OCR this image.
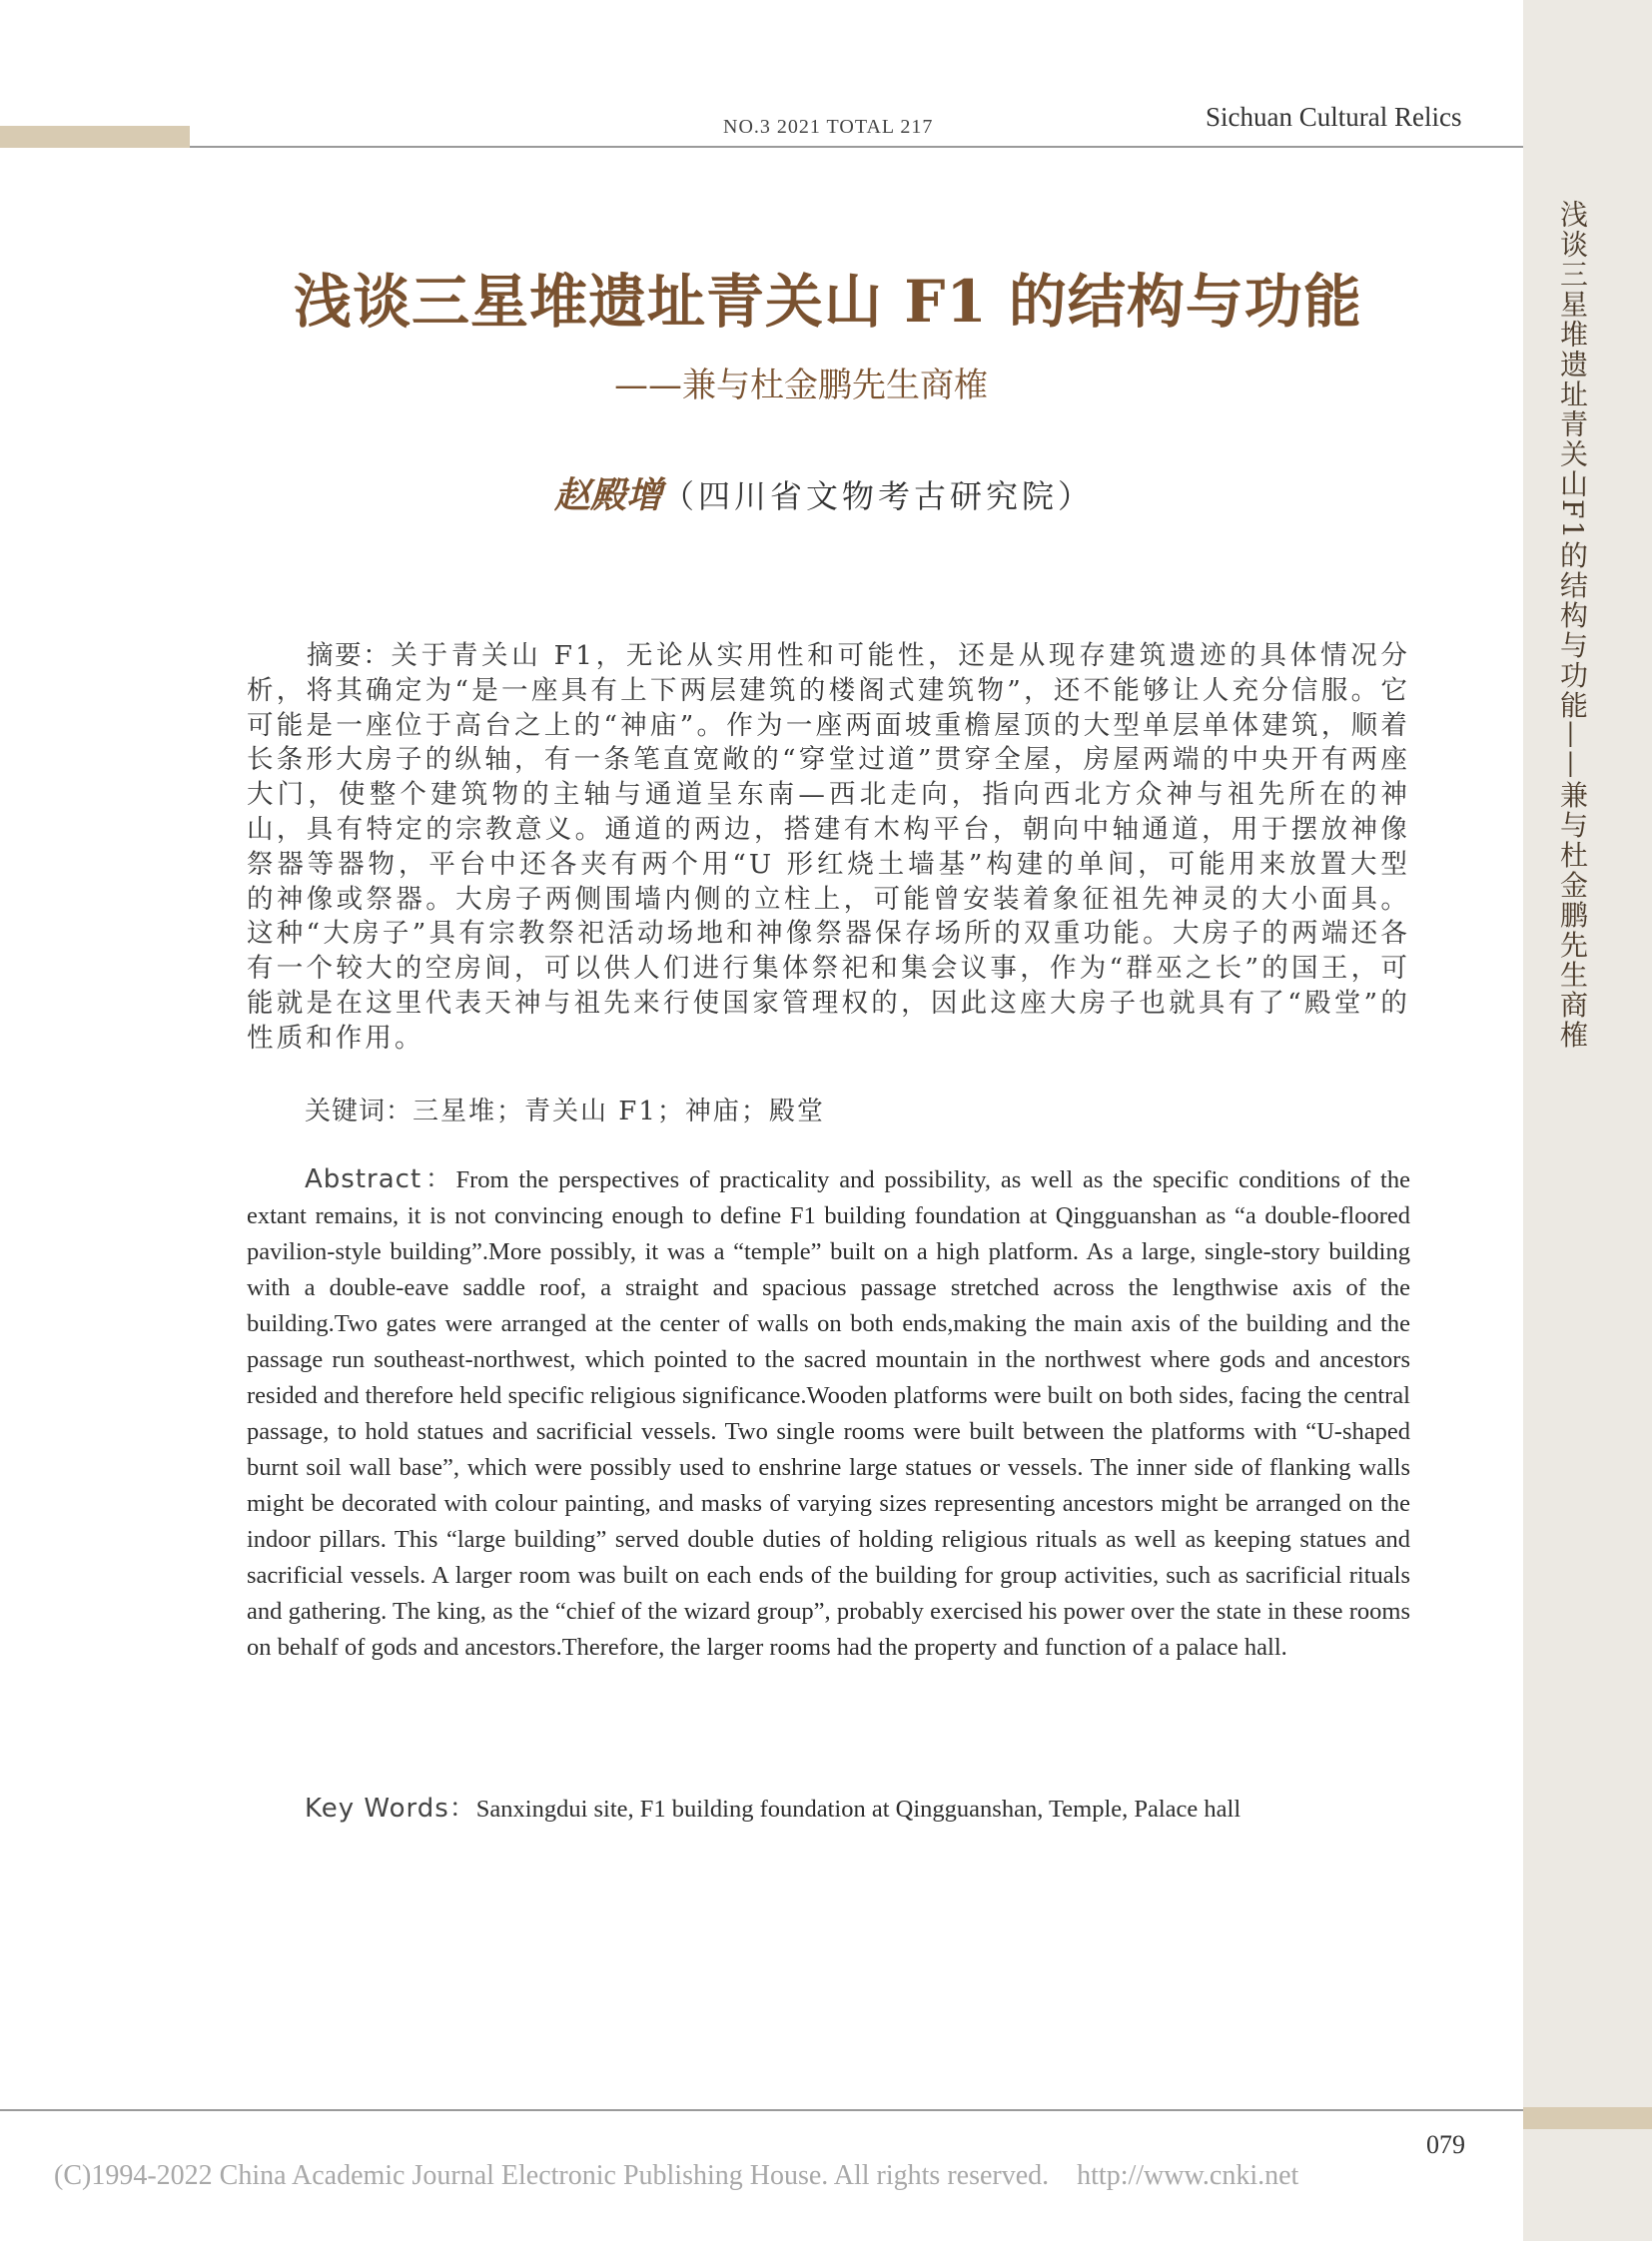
浅谈三星堆遗址青关山F1的结构与功能——兼与杜金鹏先生商榷
NO.3 2021 TOTAL 217	Sichuan Cultural Relics
浅谈三星堆遗址青关山 F1 的结构与功能
——兼与杜金鹏先生商榷
赵殿增（四川省文物考古研究院）
摘要：关于青关山 F1，无论从实用性和可能性，还是从现存建筑遗迹的具体情况分析，将其确定为“是一座具有上下两层建筑的楼阁式建筑物”，还不能够让人充分信服。它可能是一座位于高台之上的“神庙”。作为一座两面坡重檐屋顶的大型单层单体建筑，顺着长条形大房子的纵轴，有一条笔直宽敞的“穿堂过道”贯穿全屋，房屋两端的中央开有两座大门，使整个建筑物的主轴与通道呈东南—西北走向，指向西北方众神与祖先所在的神山，具有特定的宗教意义。通道的两边，搭建有木构平台，朝向中轴通道，用于摆放神像祭器等器物，平台中还各夹有两个用“U 形红烧土墙基”构建的单间，可能用来放置大型的神像或祭器。大房子两侧围墙内侧的立柱上，可能曾安装着象征祖先神灵的大小面具。这种“大房子”具有宗教祭祀活动场地和神像祭器保存场所的双重功能。大房子的两端还各有一个较大的空房间，可以供人们进行集体祭祀和集会议事，作为“群巫之长”的国王，可能就是在这里代表天神与祖先来行使国家管理权的，因此这座大房子也就具有了“殿堂”的性质和作用。
关键词：三星堆；青关山 F1；神庙；殿堂
Abstract：From the perspectives of practicality and possibility, as well as the specific conditions of the extant remains, it is not convincing enough to define F1 building foundation at Qingguanshan as “a double-floored pavilion-style building”.More possibly, it was a “temple” built on a high platform. As a large, single-story building with a double-eave saddle roof, a straight and spacious passage stretched across the lengthwise axis of the building.Two gates were arranged at the center of walls on both ends,making the main axis of the building and the passage run southeast-northwest, which pointed to the sacred mountain in the northwest where gods and ancestors resided and therefore held specific religious significance.Wooden platforms were built on both sides, facing the central passage, to hold statues and sacrificial vessels. Two single rooms were built between the platforms with “U-shaped burnt soil wall base”, which were possibly used to enshrine large statues or vessels. The inner side of flanking walls might be decorated with colour painting, and masks of varying sizes representing ancestors might be arranged on the indoor pillars. This “large building” served double duties of holding religious rituals as well as keeping statues and sacrificial vessels. A larger room was built on each ends of the building for group activities, such as sacrificial rituals and gathering. The king, as the “chief of the wizard group”, probably exercised his power over the state in these rooms on behalf of gods and ancestors.Therefore, the larger rooms had the property and function of a palace hall.
Key Words：Sanxingdui site, F1 building foundation at Qingguanshan, Temple, Palace hall
079
(C)1994-2022 China Academic Journal Electronic Publishing House. All rights reserved.    http://www.cnki.net
